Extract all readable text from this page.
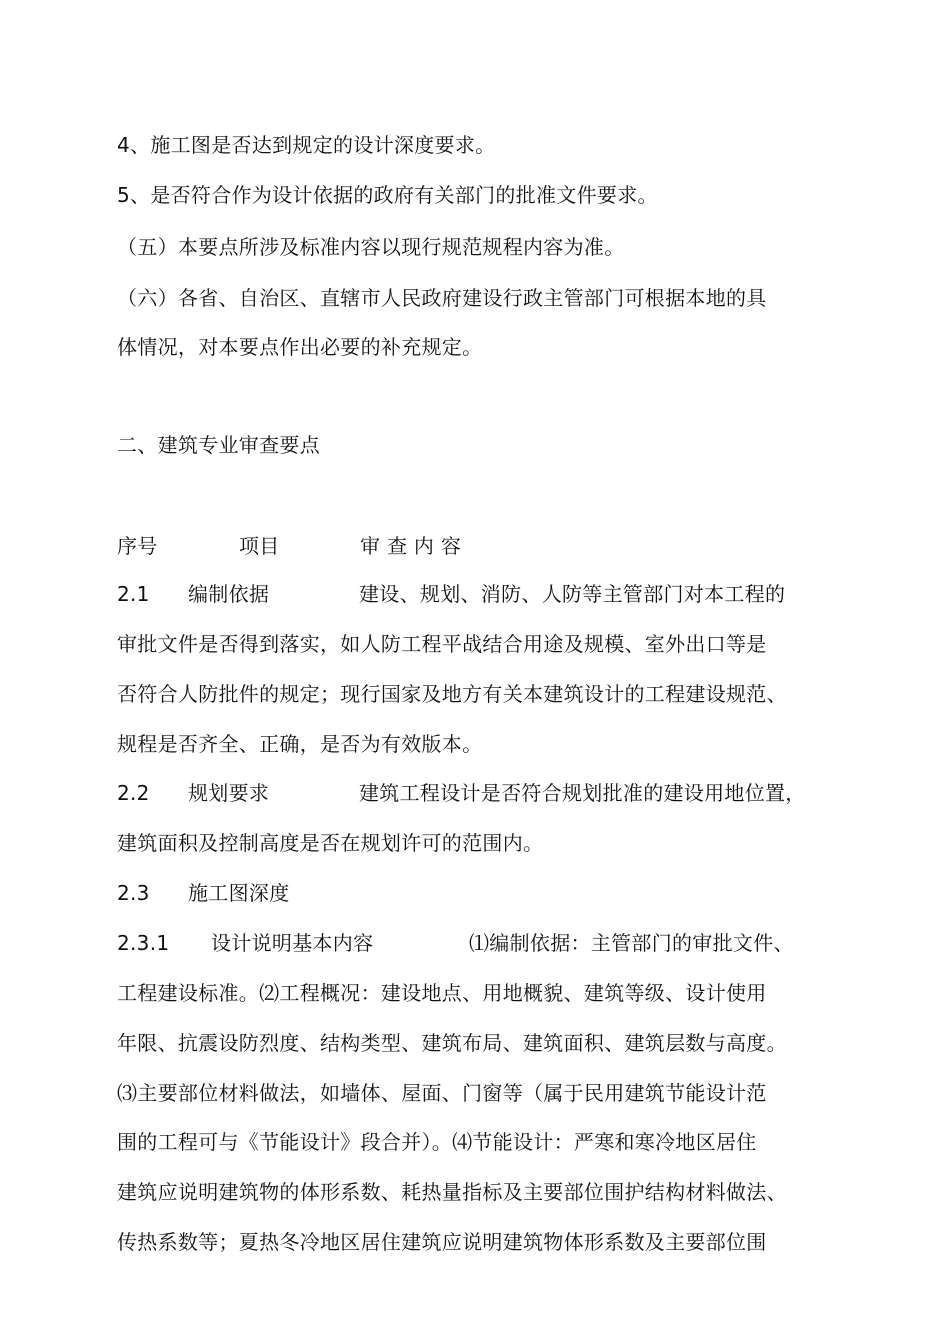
4、施工图是否达到规定的设计深度要求。
5、是否符合作为设计依据的政府有关部门的批准文件要求。
（五）本要点所涉及标准内容以现行规范规程内容为准。
（六）各省、自治区、直辖市人民政府建设行政主管部门可根据本地的具
体情况，对本要点作出必要的补充规定。
二、建筑专业审查要点
序号	项目	审 查 内 容
2.1 编制依据	建设、规划、消防、人防等主管部门对本工程的
审批文件是否得到落实，如人防工程平战结合用途及规模、室外出口等是
否符合人防批件的规定；现行国家及地方有关本建筑设计的工程建设规范、
规程是否齐全、正确，是否为有效版本。
2.2 规划要求	建筑工程设计是否符合规划批准的建设用地位置，
建筑面积及控制高度是否在规划许可的范围内。
2.3 施工图深度
2.3.1 设计说明基本内容	⑴编制依据：主管部门的审批文件、
工程建设标准。⑵工程概况：建设地点、用地概貌、建筑等级、设计使用
年限、抗震设防烈度、结构类型、建筑布局、建筑面积、建筑层数与高度。
⑶主要部位材料做法，如墙体、屋面、门窗等（属于民用建筑节能设计范
围的工程可与《节能设计》段合并）。⑷节能设计：严寒和寒冷地区居住
建筑应说明建筑物的体形系数、耗热量指标及主要部位围护结构材料做法、
传热系数等；夏热冬冷地区居住建筑应说明建筑物体形系数及主要部位围
